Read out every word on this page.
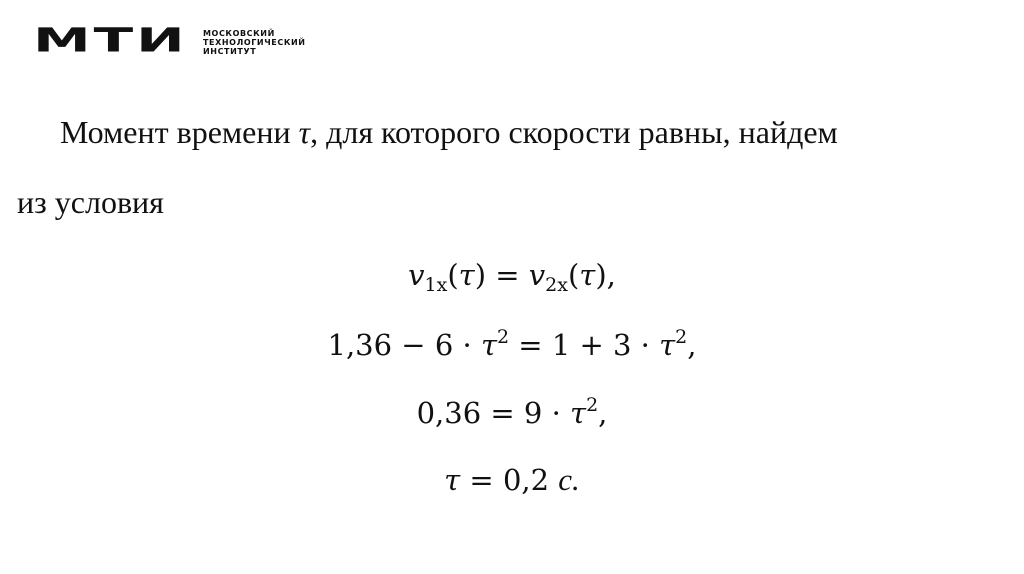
МТИ	МОСКОВСКИЙ
ТЕХНОЛОГИЧЕСКИЙ
ИНСТИТУТ
Момент времени τ, для которого скорости равны, найдем
из условия
$v_{1x}(\tau) = v_{2x}(\tau)$,
$1,36 - 6 \cdot \tau^2 = 1 + 3 \cdot \tau^2$,
$0,36 = 9 \cdot \tau^2$,
τ = 0,2 с.
